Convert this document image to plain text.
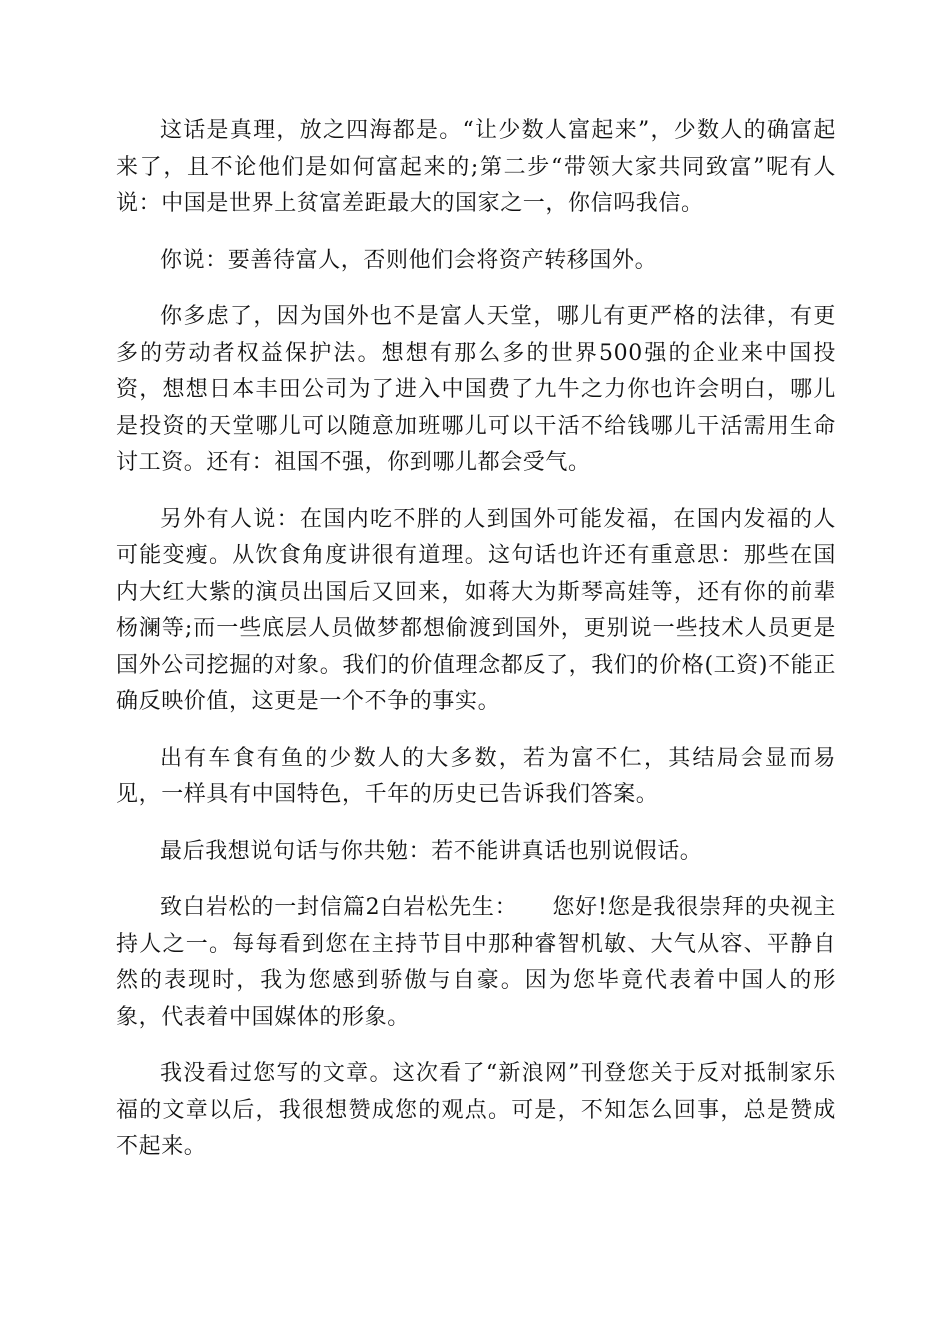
这话是真理，放之四海都是。“让少数人富起来”，少数人的确富起来了，且不论他们是如何富起来的;第二步“带领大家共同致富”呢有人说：中国是世界上贫富差距最大的国家之一，你信吗我信。

你说：要善待富人，否则他们会将资产转移国外。

你多虑了，因为国外也不是富人天堂，哪儿有更严格的法律，有更多的劳动者权益保护法。想想有那么多的世界500强的企业来中国投资，想想日本丰田公司为了进入中国费了九牛之力你也许会明白，哪儿是投资的天堂哪儿可以随意加班哪儿可以干活不给钱哪儿干活需用生命讨工资。还有：祖国不强，你到哪儿都会受气。

另外有人说：在国内吃不胖的人到国外可能发福，在国内发福的人可能变瘦。从饮食角度讲很有道理。这句话也许还有重意思：那些在国内大红大紫的演员出国后又回来，如蒋大为斯琴高娃等，还有你的前辈杨澜等;而一些底层人员做梦都想偷渡到国外，更别说一些技术人员更是国外公司挖掘的对象。我们的价值理念都反了，我们的价格(工资)不能正确反映价值，这更是一个不争的事实。

出有车食有鱼的少数人的大多数，若为富不仁，其结局会显而易见，一样具有中国特色，千年的历史已告诉我们答案。

最后我想说句话与你共勉：若不能讲真话也别说假话。

致白岩松的一封信篇2白岩松先生：　　您好!您是我很崇拜的央视主持人之一。每每看到您在主持节目中那种睿智机敏、大气从容、平静自然的表现时，我为您感到骄傲与自豪。因为您毕竟代表着中国人的形象，代表着中国媒体的形象。

我没看过您写的文章。这次看了“新浪网”刊登您关于反对抵制家乐福的文章以后，我很想赞成您的观点。可是，不知怎么回事，总是赞成不起来。
